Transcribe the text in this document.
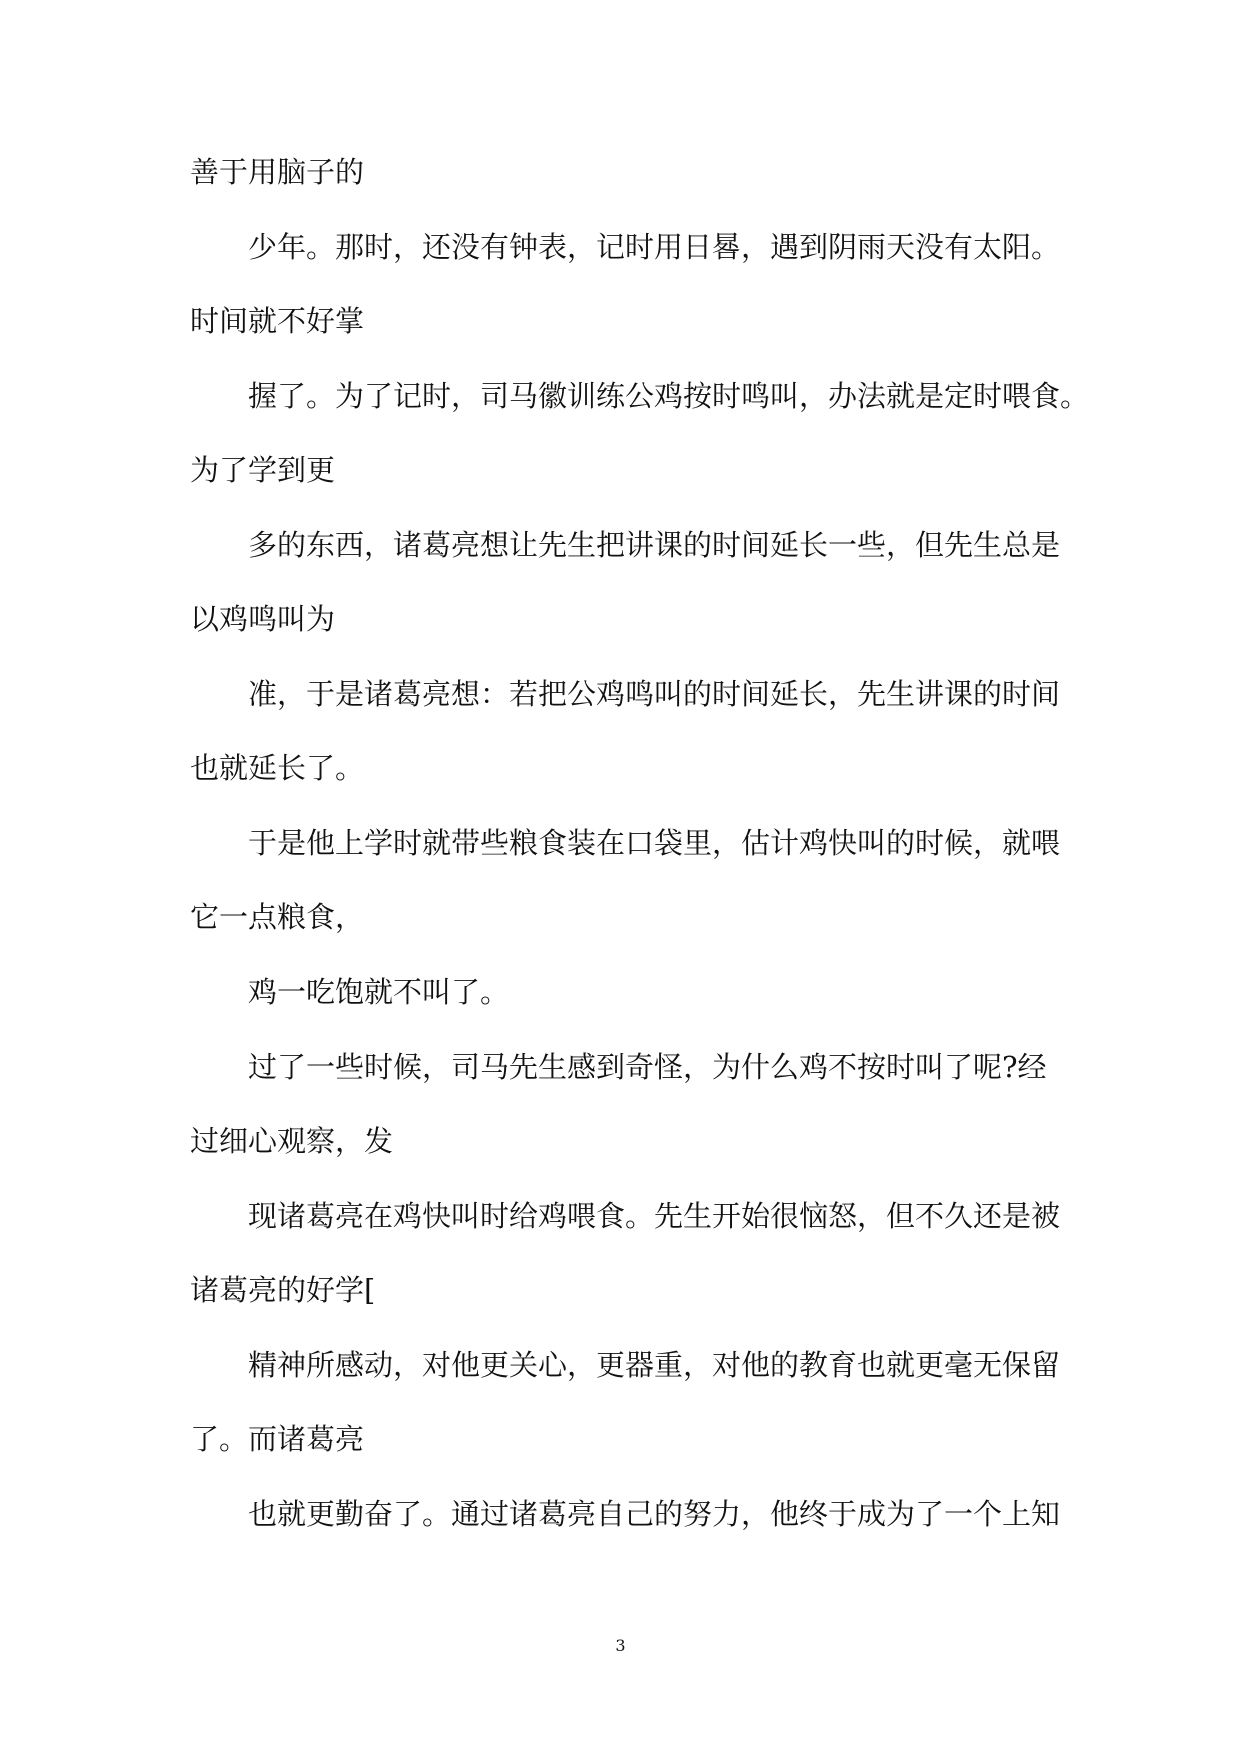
善于用脑子的

少年。那时，还没有钟表，记时用日晷，遇到阴雨天没有太阳。

时间就不好掌

握了。为了记时，司马徽训练公鸡按时鸣叫，办法就是定时喂食。

为了学到更

多的东西，诸葛亮想让先生把讲课的时间延长一些，但先生总是

以鸡鸣叫为

准，于是诸葛亮想：若把公鸡鸣叫的时间延长，先生讲课的时间

也就延长了。

于是他上学时就带些粮食装在口袋里，估计鸡快叫的时候，就喂

它一点粮食，

鸡一吃饱就不叫了。

过了一些时候，司马先生感到奇怪，为什么鸡不按时叫了呢?经

过细心观察，发

现诸葛亮在鸡快叫时给鸡喂食。先生开始很恼怒，但不久还是被

诸葛亮的好学[

精神所感动，对他更关心，更器重，对他的教育也就更毫无保留

了。而诸葛亮

也就更勤奋了。通过诸葛亮自己的努力，他终于成为了一个上知

3
